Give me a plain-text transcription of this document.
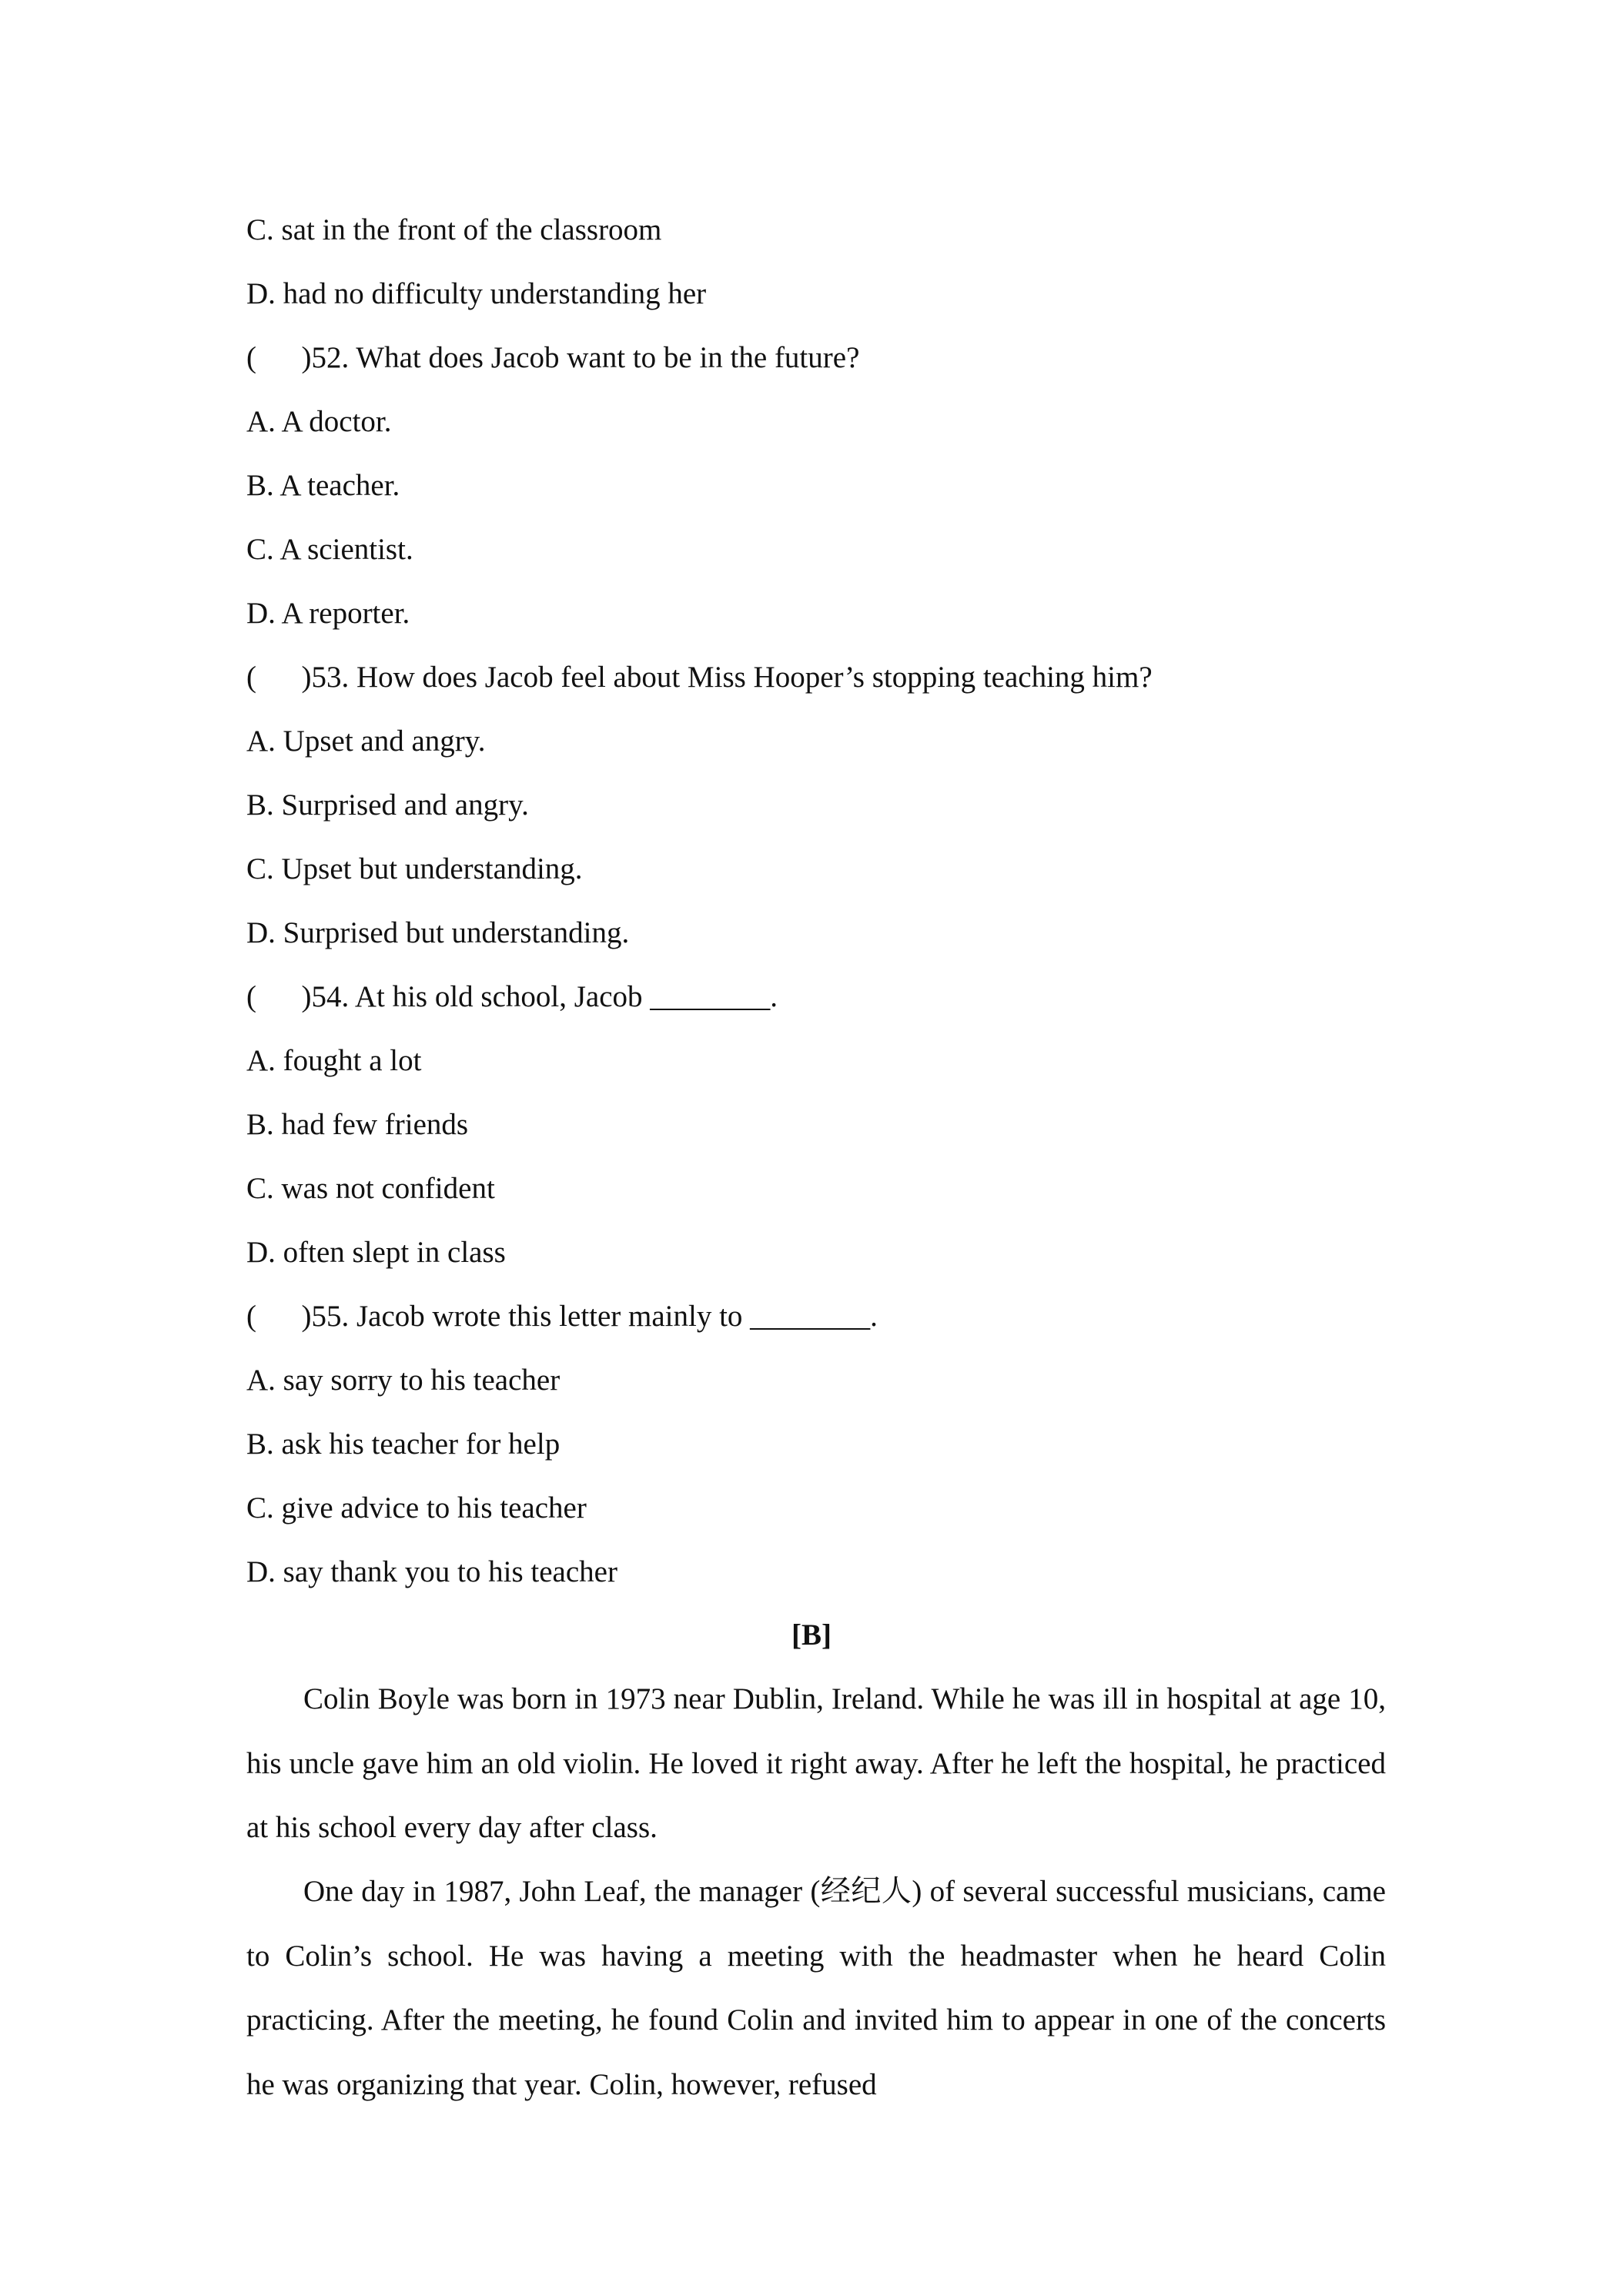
C. sat in the front of the classroom
D. had no difficulty understanding her
(      )52. What does Jacob want to be in the future?
A. A doctor.
B. A teacher.
C. A scientist.
D. A reporter.
(      )53. How does Jacob feel about Miss Hooper’s stopping teaching him?
A. Upset and angry.
B. Surprised and angry.
C. Upset but understanding.
D. Surprised but understanding.
(      )54. At his old school, Jacob ________.
A. fought a lot
B. had few friends
C. was not confident
D. often slept in class
(      )55. Jacob wrote this letter mainly to ________.
A. say sorry to his teacher
B. ask his teacher for help
C. give advice to his teacher
D. say thank you to his teacher
[B]
Colin Boyle was born in 1973 near Dublin, Ireland. While he was ill in hospital at age 10, his uncle gave him an old violin. He loved it right away. After he left the hospital, he practiced at his school every day after class.
One day in 1987, John Leaf, the manager (经纪人) of several successful musicians, came to Colin’s school. He was having a meeting with the headmaster when he heard Colin practicing. After the meeting, he found Colin and invited him to appear in one of the concerts he was organizing that year. Colin, however, refused
